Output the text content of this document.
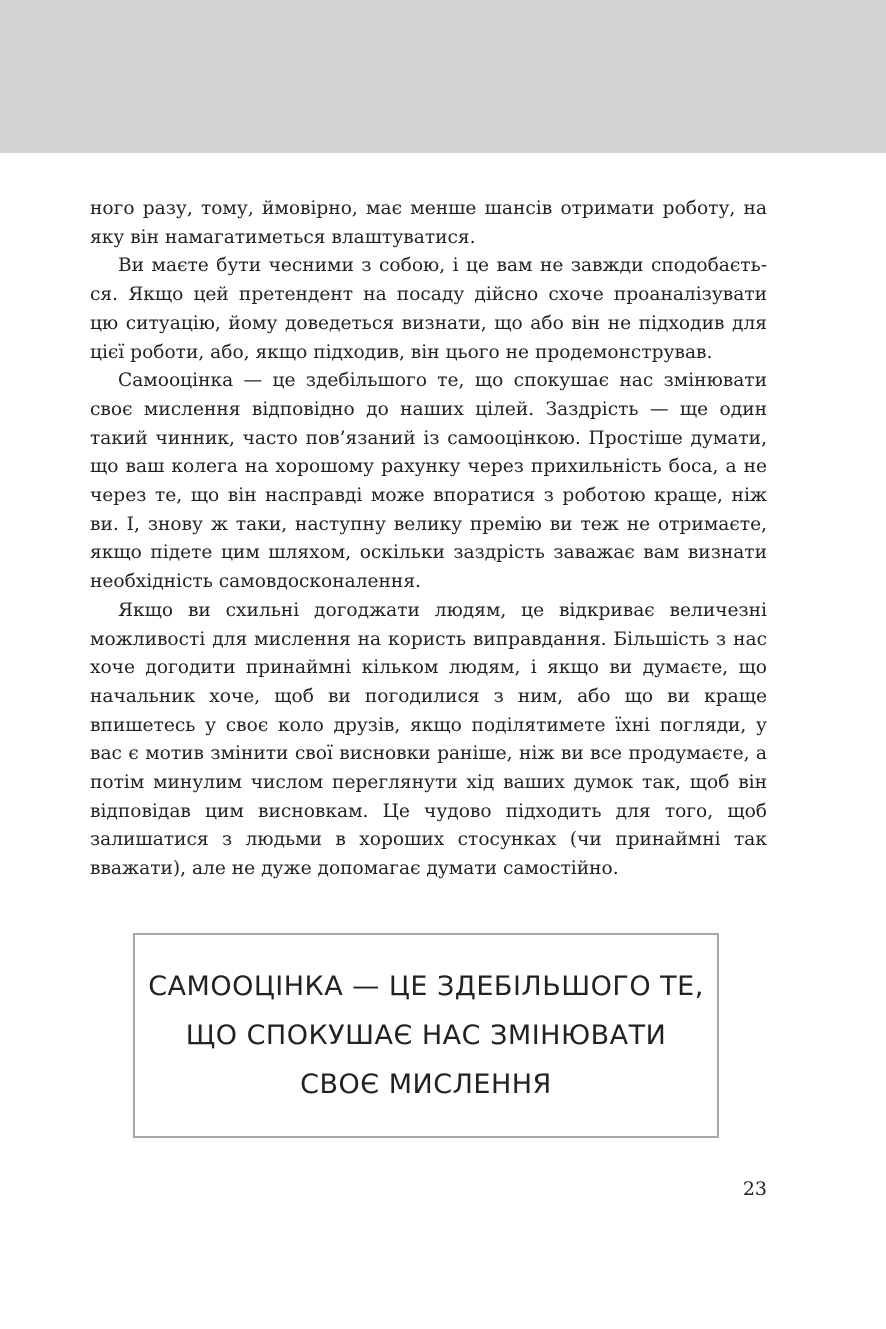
ного разу, тому, ймовірно, має менше шансів отримати роботу, на яку він намагатиметься влаштуватися.

Ви маєте бути чесними з собою, і це вам не завжди сподобається. Якщо цей претендент на посаду дійсно схоче проаналізувати цю ситуацію, йому доведеться визнати, що або він не підходив для цієї роботи, або, якщо підходив, він цього не продемонстрував.

Самооцінка — це здебільшого те, що спокушає нас змінювати своє мислення відповідно до наших цілей. Заздрість — ще один такий чинник, часто пов’язаний із самооцінкою. Простіше думати, що ваш колега на хорошому рахунку через прихильність боса, а не через те, що він насправді може впоратися з роботою краще, ніж ви. І, знову ж таки, наступну велику премію ви теж не отримаєте, якщо підете цим шляхом, оскільки заздрість заважає вам визнати необхідність самовдосконалення.

Якщо ви схильні догоджати людям, це відкриває величезні можливості для мислення на користь виправдання. Більшість з нас хоче догодити принаймні кільком людям, і якщо ви думаєте, що начальник хоче, щоб ви погодилися з ним, або що ви краще впишетесь у своє коло друзів, якщо поділятимете їхні погляди, у вас є мотив змінити свої висновки раніше, ніж ви все продумаєте, а потім минулим числом переглянути хід ваших думок так, щоб він відповідав цим висновкам. Це чудово підходить для того, щоб залишатися з людьми в хороших стосунках (чи принаймні так вважати), але не дуже допомагає думати самостійно.

САМООЦІНКА — ЦЕ ЗДЕБІЛЬШОГО ТЕ, ЩО СПОКУШАЄ НАС ЗМІНЮВАТИ СВОЄ МИСЛЕННЯ

23
